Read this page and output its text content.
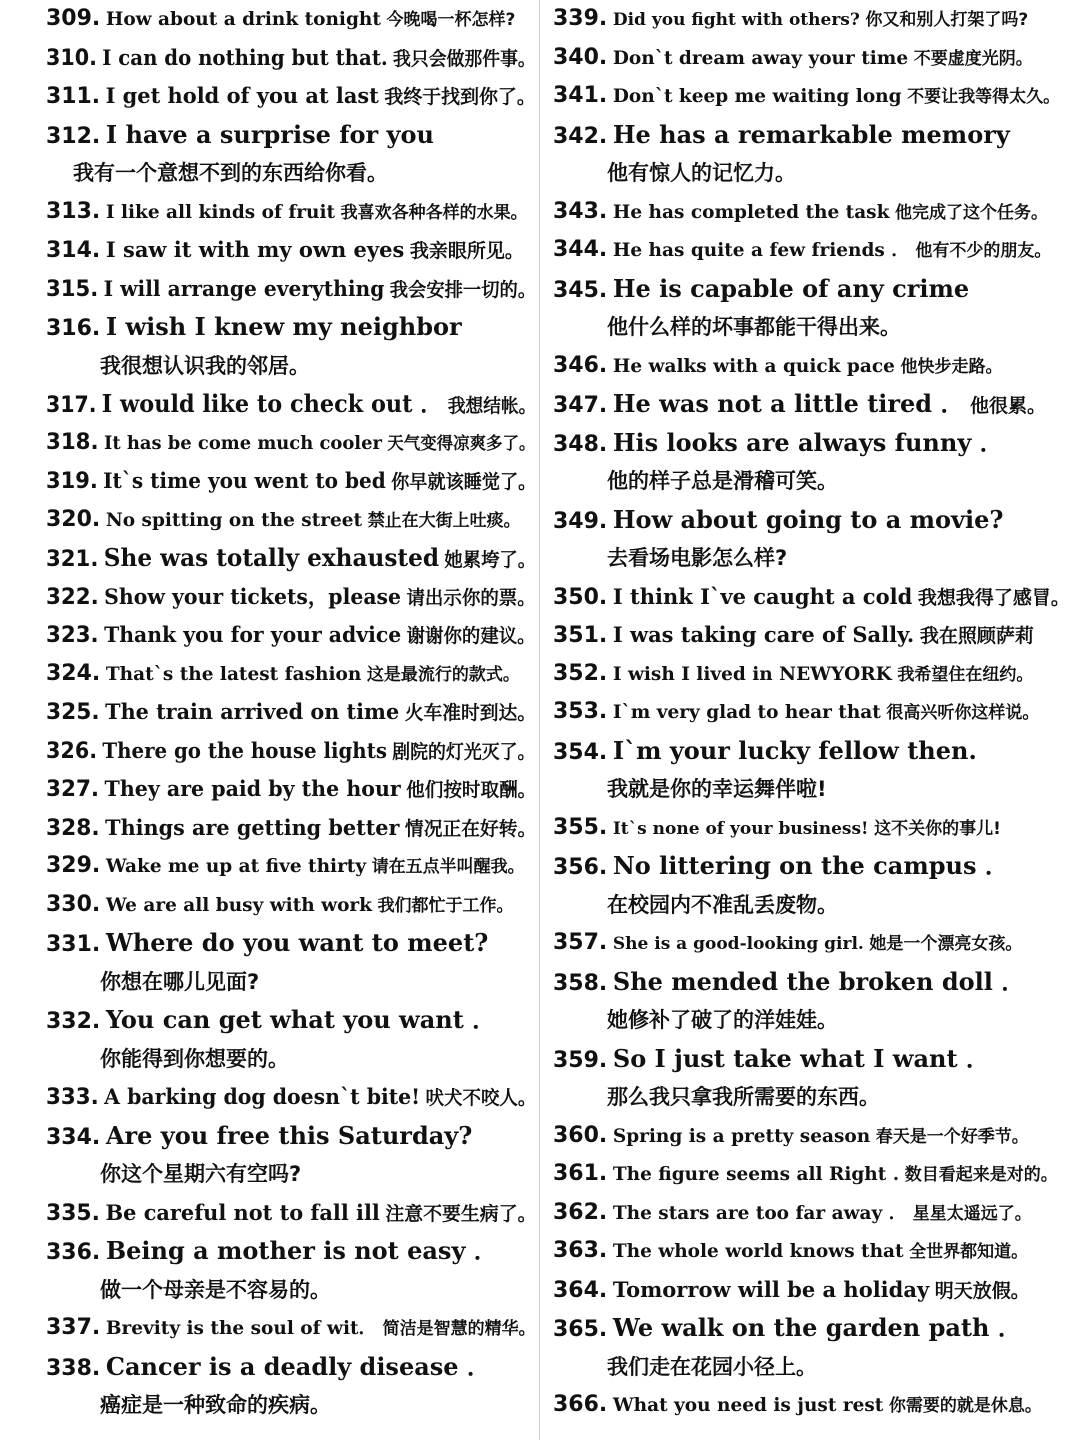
309. How about a drink tonight 今晚喝一杯怎样?
310. I can do nothing but that. 我只会做那件事。
311. I get hold of you at last 我终于找到你了。
312. I have a surprise for you
我有一个意想不到的东西给你看。
313. I like all kinds of fruit 我喜欢各种各样的水果。
314. I saw it with my own eyes 我亲眼所见。
315. I will arrange everything 我会安排一切的。
316. I wish I knew my neighbor
我很想认识我的邻居。
317. I would like to check out ． 我想结帐。
318. It has be come much cooler 天气变得凉爽多了。
319. It`s time you went to bed 你早就该睡觉了。
320. No spitting on the street 禁止在大街上吐痰。
321. She was totally exhausted 她累垮了。
322. Show your tickets，please 请出示你的票。
323. Thank you for your advice 谢谢你的建议。
324. That`s the latest fashion 这是最流行的款式。
325. The train arrived on time 火车准时到达。
326. There go the house lights 剧院的灯光灭了。
327. They are paid by the hour 他们按时取酬。
328. Things are getting better 情况正在好转。
329. Wake me up at five thirty 请在五点半叫醒我。
330. We are all busy with work 我们都忙于工作。
331. Where do you want to meet?
你想在哪儿见面?
332. You can get what you want ．
你能得到你想要的。
333. A barking dog doesn`t bite! 吠犬不咬人。
334. Are you free this Saturday?
你这个星期六有空吗?
335. Be careful not to fall ill 注意不要生病了。
336. Being a mother is not easy ．
做一个母亲是不容易的。
337. Brevity is the soul of wit． 简洁是智慧的精华。
338. Cancer is a deadly disease ．
癌症是一种致命的疾病。
339. Did you fight with others? 你又和别人打架了吗?
340. Don`t dream away your time 不要虚度光阴。
341. Don`t keep me waiting long 不要让我等得太久。
342. He has a remarkable memory
他有惊人的记忆力。
343. He has completed the task 他完成了这个任务。
344. He has quite a few friends ． 他有不少的朋友。
345. He is capable of any crime
他什么样的坏事都能干得出来。
346. He walks with a quick pace 他快步走路。
347. He was not a little tired ． 他很累。
348. His looks are always funny ．
他的样子总是滑稽可笑。
349. How about going to a movie?
去看场电影怎么样?
350. I think I`ve caught a cold 我想我得了感冒。
351. I was taking care of Sally. 我在照顾萨莉
352. I wish I lived in NEWYORK 我希望住在纽约。
353. I`m very glad to hear that 很高兴听你这样说。
354. I`m your lucky fellow then.
我就是你的幸运舞伴啦!
355. It`s none of your business! 这不关你的事儿!
356. No littering on the campus ．
在校园内不准乱丢废物。
357. She is a good-looking girl. 她是一个漂亮女孩。
358. She mended the broken doll ．
她修补了破了的洋娃娃。
359. So I just take what I want ．
那么我只拿我所需要的东西。
360. Spring is a pretty season 春天是一个好季节。
361. The figure seems all Right . 数目看起来是对的。
362. The stars are too far away ． 星星太遥远了。
363. The whole world knows that 全世界都知道。
364. Tomorrow will be a holiday 明天放假。
365. We walk on the garden path ．
我们走在花园小径上。
366. What you need is just rest 你需要的就是休息。
